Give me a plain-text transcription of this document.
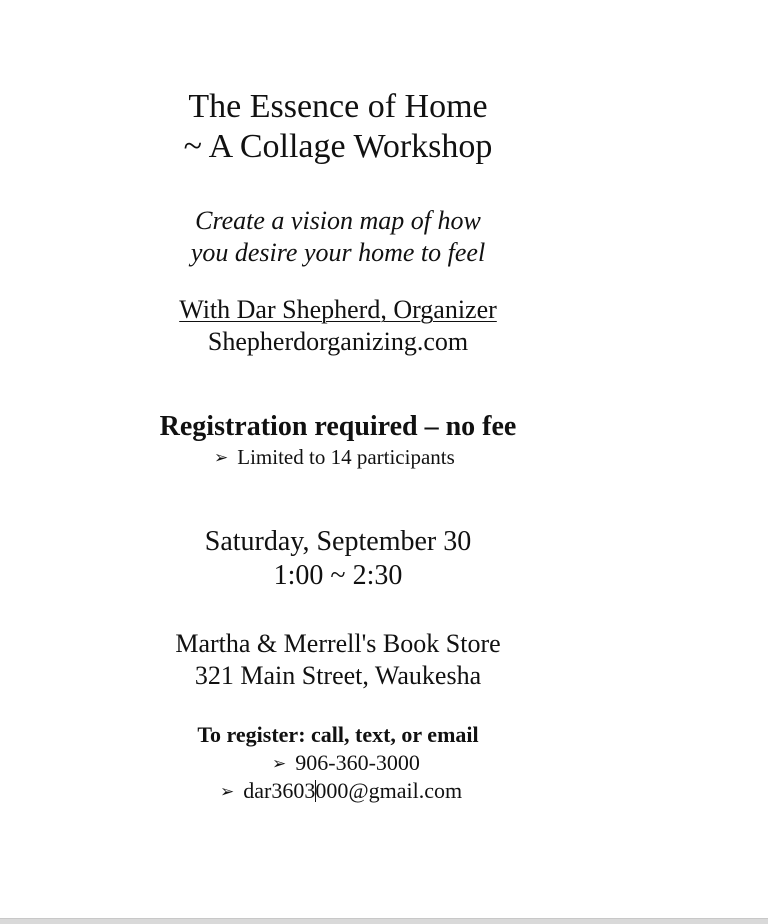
The Essence of Home
~ A Collage Workshop
Create a vision map of how
you desire your home to feel
With Dar Shepherd, Organizer
Shepherdorganizing.com
Registration required – no fee
➢ Limited to 14 participants
Saturday, September 30
1:00 ~ 2:30
Martha & Merrell's Book Store
321 Main Street, Waukesha
To register: call, text, or email
➢ 906-360-3000
➢ dar3603000@gmail.com
